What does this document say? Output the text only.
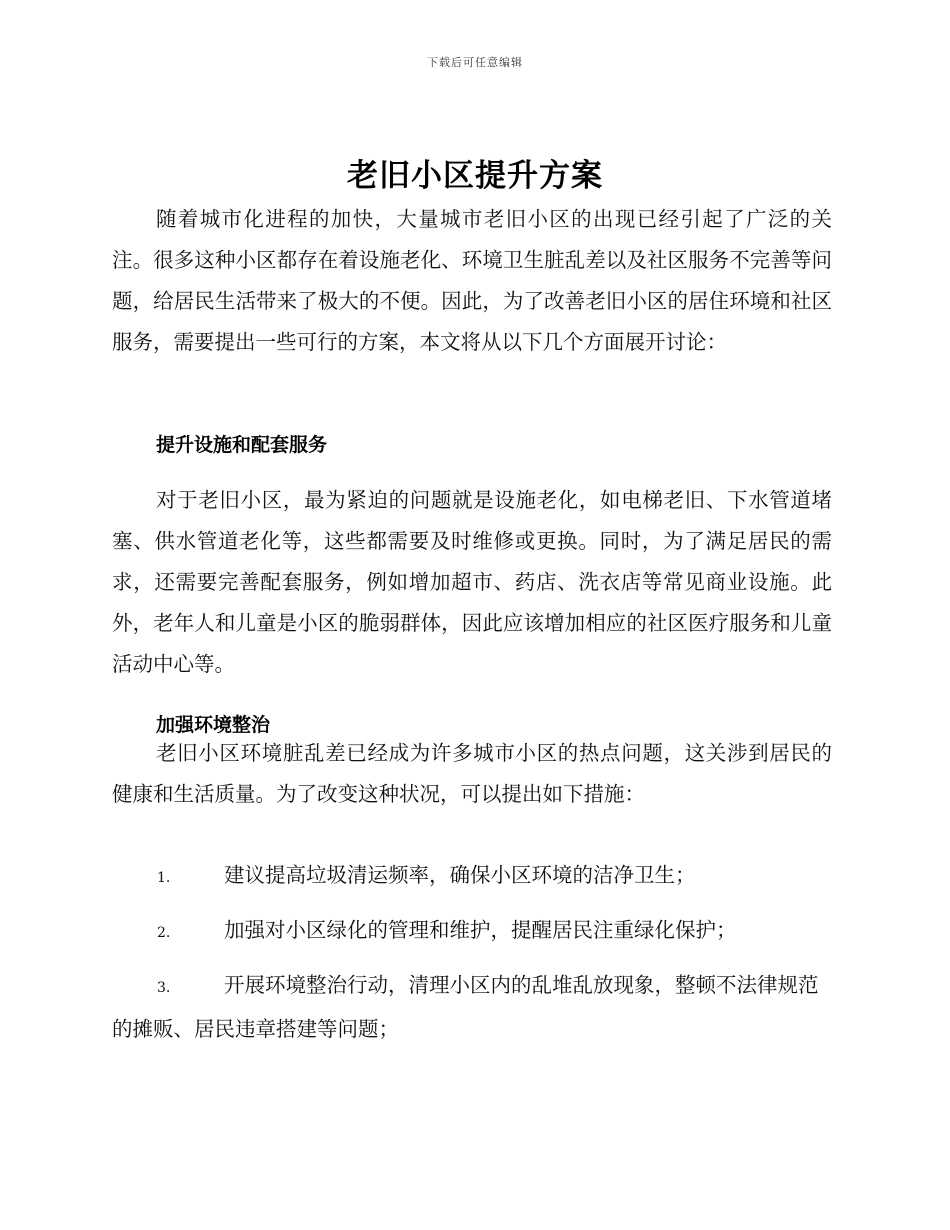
下载后可任意编辑
老旧小区提升方案

随着城市化进程的加快，大量城市老旧小区的出现已经引起了广泛的关注。很多这种小区都存在着设施老化、环境卫生脏乱差以及社区服务不完善等问题，给居民生活带来了极大的不便。因此，为了改善老旧小区的居住环境和社区服务，需要提出一些可行的方案，本文将从以下几个方面展开讨论：

提升设施和配套服务

对于老旧小区，最为紧迫的问题就是设施老化，如电梯老旧、下水管道堵塞、供水管道老化等，这些都需要及时维修或更换。同时，为了满足居民的需求，还需要完善配套服务，例如增加超市、药店、洗衣店等常见商业设施。此外，老年人和儿童是小区的脆弱群体，因此应该增加相应的社区医疗服务和儿童活动中心等。

加强环境整治

老旧小区环境脏乱差已经成为许多城市小区的热点问题，这关涉到居民的健康和生活质量。为了改变这种状况，可以提出如下措施：

1.	建议提高垃圾清运频率，确保小区环境的洁净卫生；

2.	加强对小区绿化的管理和维护，提醒居民注重绿化保护；

3.	开展环境整治行动，清理小区内的乱堆乱放现象，整顿不法律规范的摊贩、居民违章搭建等问题；
